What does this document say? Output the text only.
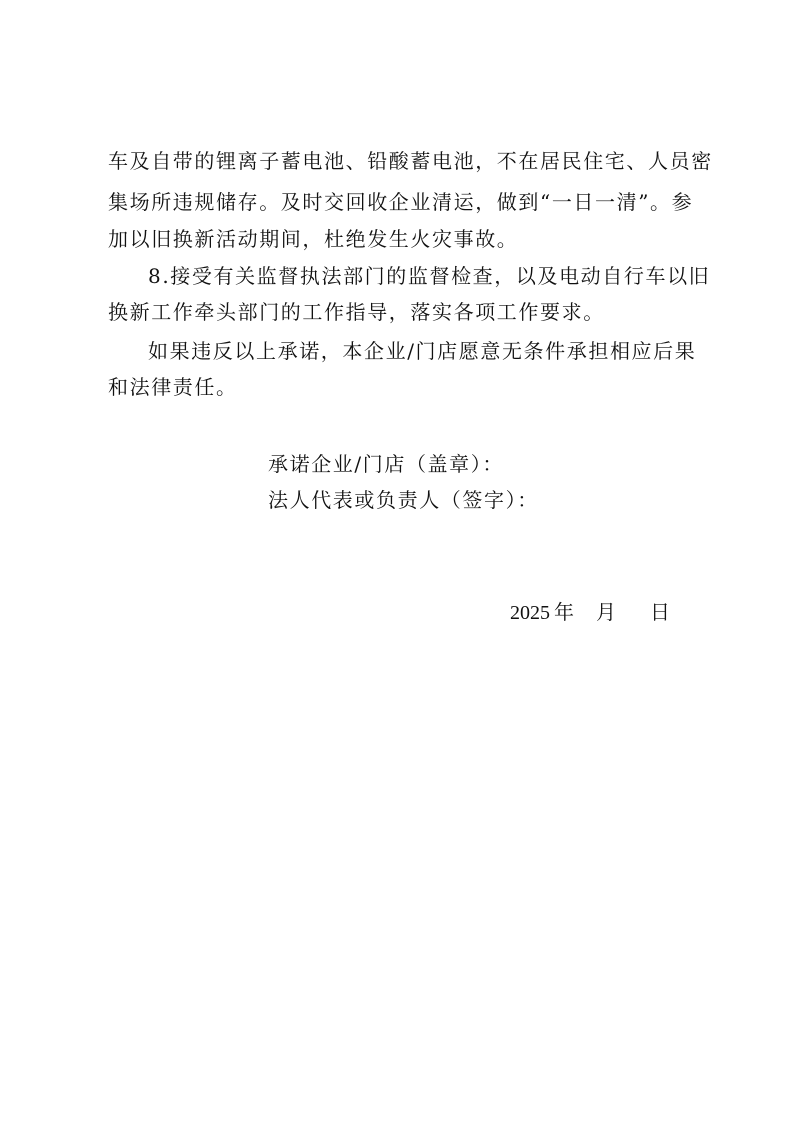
车及自带的锂离子蓄电池、铅酸蓄电池，不在居民住宅、人员密
集场所违规储存。及时交回收企业清运，做到“一日一清”。参
加以旧换新活动期间，杜绝发生火灾事故。
8.接受有关监督执法部门的监督检查，以及电动自行车以旧
换新工作牵头部门的工作指导，落实各项工作要求。
如果违反以上承诺，本企业/门店愿意无条件承担相应后果
和法律责任。
承诺企业/门店（盖章）：
法人代表或负责人（签字）：
2025 年 月 日
